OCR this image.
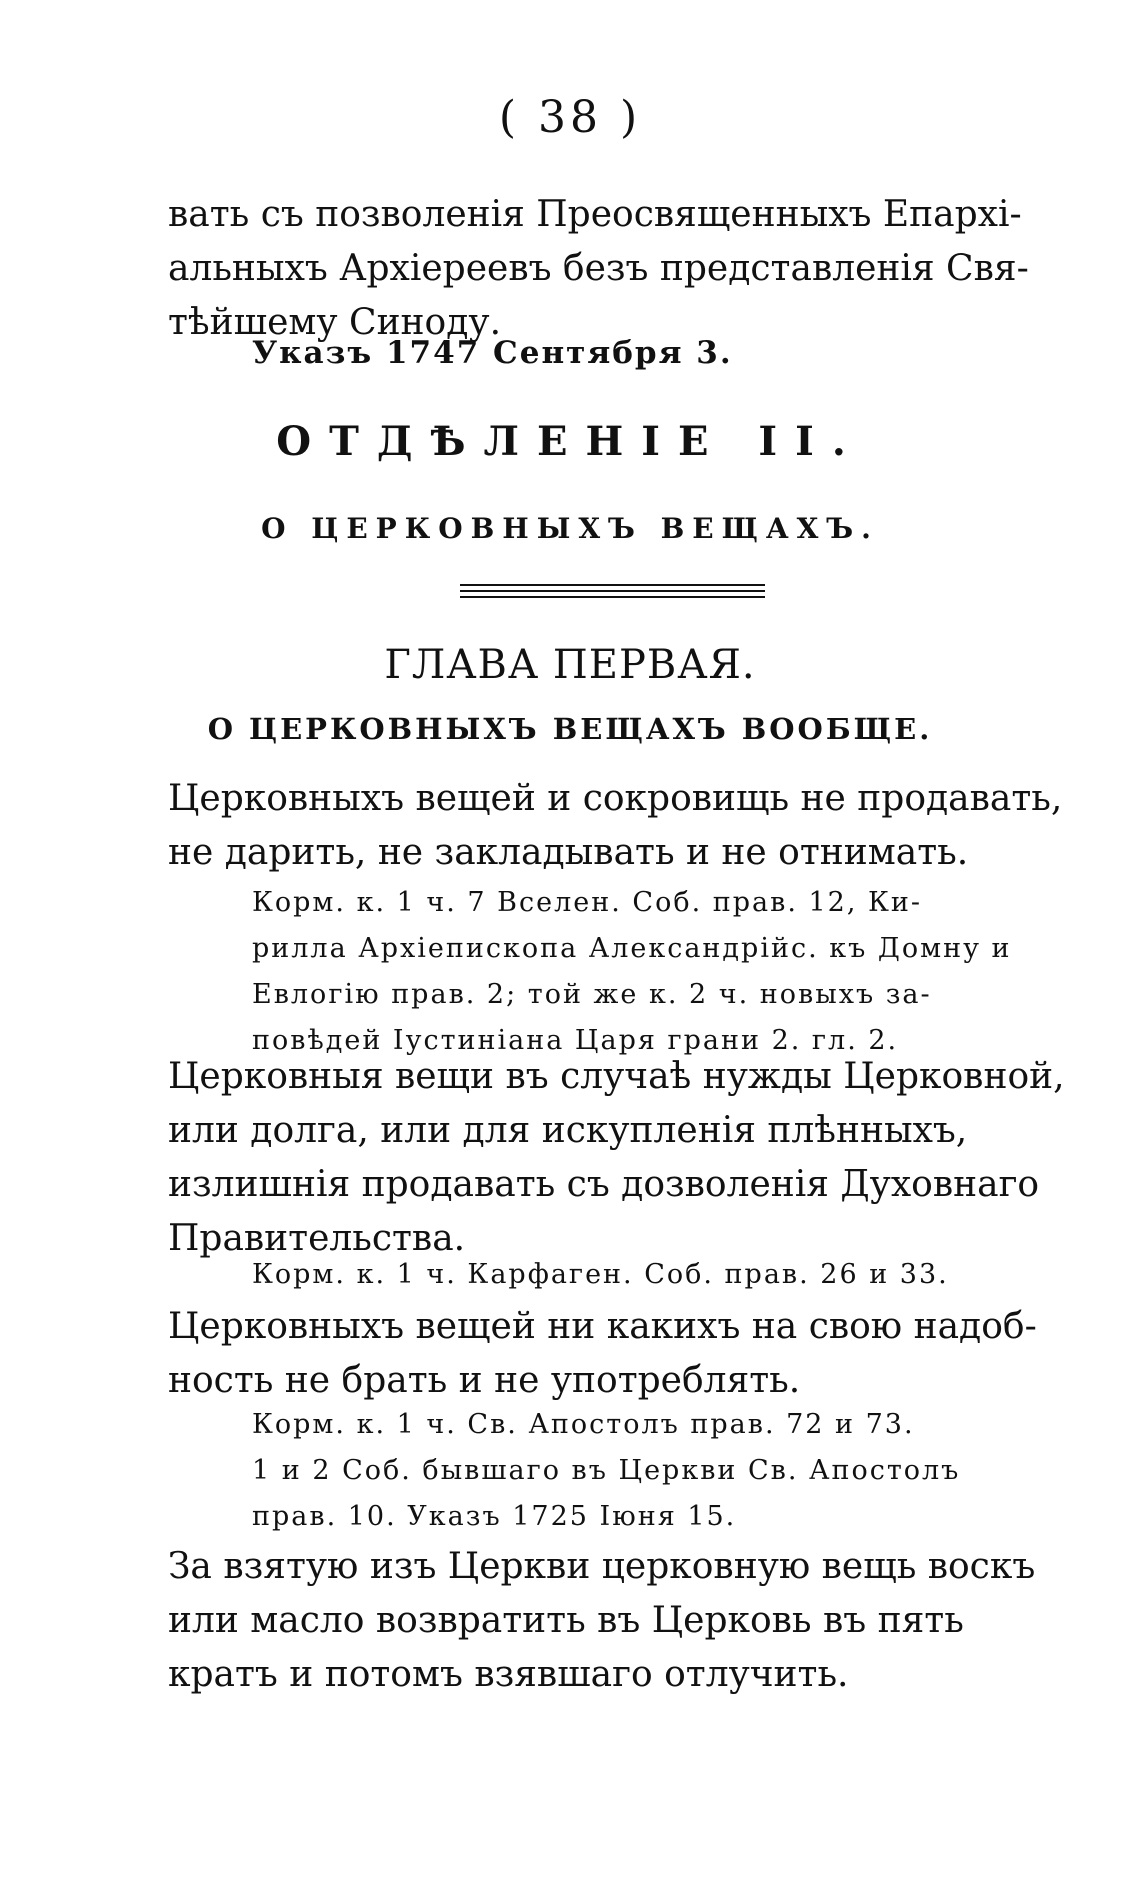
( 38 )
вать съ позволенія Преосвященныхъ Епархі-
альныхъ Архіереевъ безъ представленія Свя-
тѣйшему Синоду.
Указъ 1747 Сентября 3.
ОТДѢЛЕНІЕ II.
О ЦЕРКОВНЫХЪ ВЕЩАХЪ.
ГЛАВА ПЕРВАЯ.
О ЦЕРКОВНЫХЪ ВЕЩАХЪ ВООБЩЕ.
Церковныхъ вещей и сокровищь не продавать,
не дарить, не закладывать и не отнимать.
Корм. к. 1 ч. 7 Вселен. Соб. прав. 12, Ки-
рилла Архіепископа Александрійс. къ Домну и
Евлогію прав. 2; той же к. 2 ч. новыхъ за-
повѣдей Іустиніана Царя грани 2. гл. 2.
Церковныя вещи въ случаѣ нужды Церковной,
или долга, или для искупленія плѣнныхъ,
излишнія продавать съ дозволенія Духовнаго
Правительства.
Корм. к. 1 ч. Карфаген. Соб. прав. 26 и 33.
Церковныхъ вещей ни какихъ на свою надоб-
ность не брать и не употреблять.
Корм. к. 1 ч. Св. Апостолъ прав. 72 и 73.
1 и 2 Соб. бывшаго въ Церкви Св. Апостолъ
прав. 10. Указъ 1725 Іюня 15.
За взятую изъ Церкви церковную вещь воскъ
или масло возвратить въ Церковь въ пять
кратъ и потомъ взявшаго отлучить.
